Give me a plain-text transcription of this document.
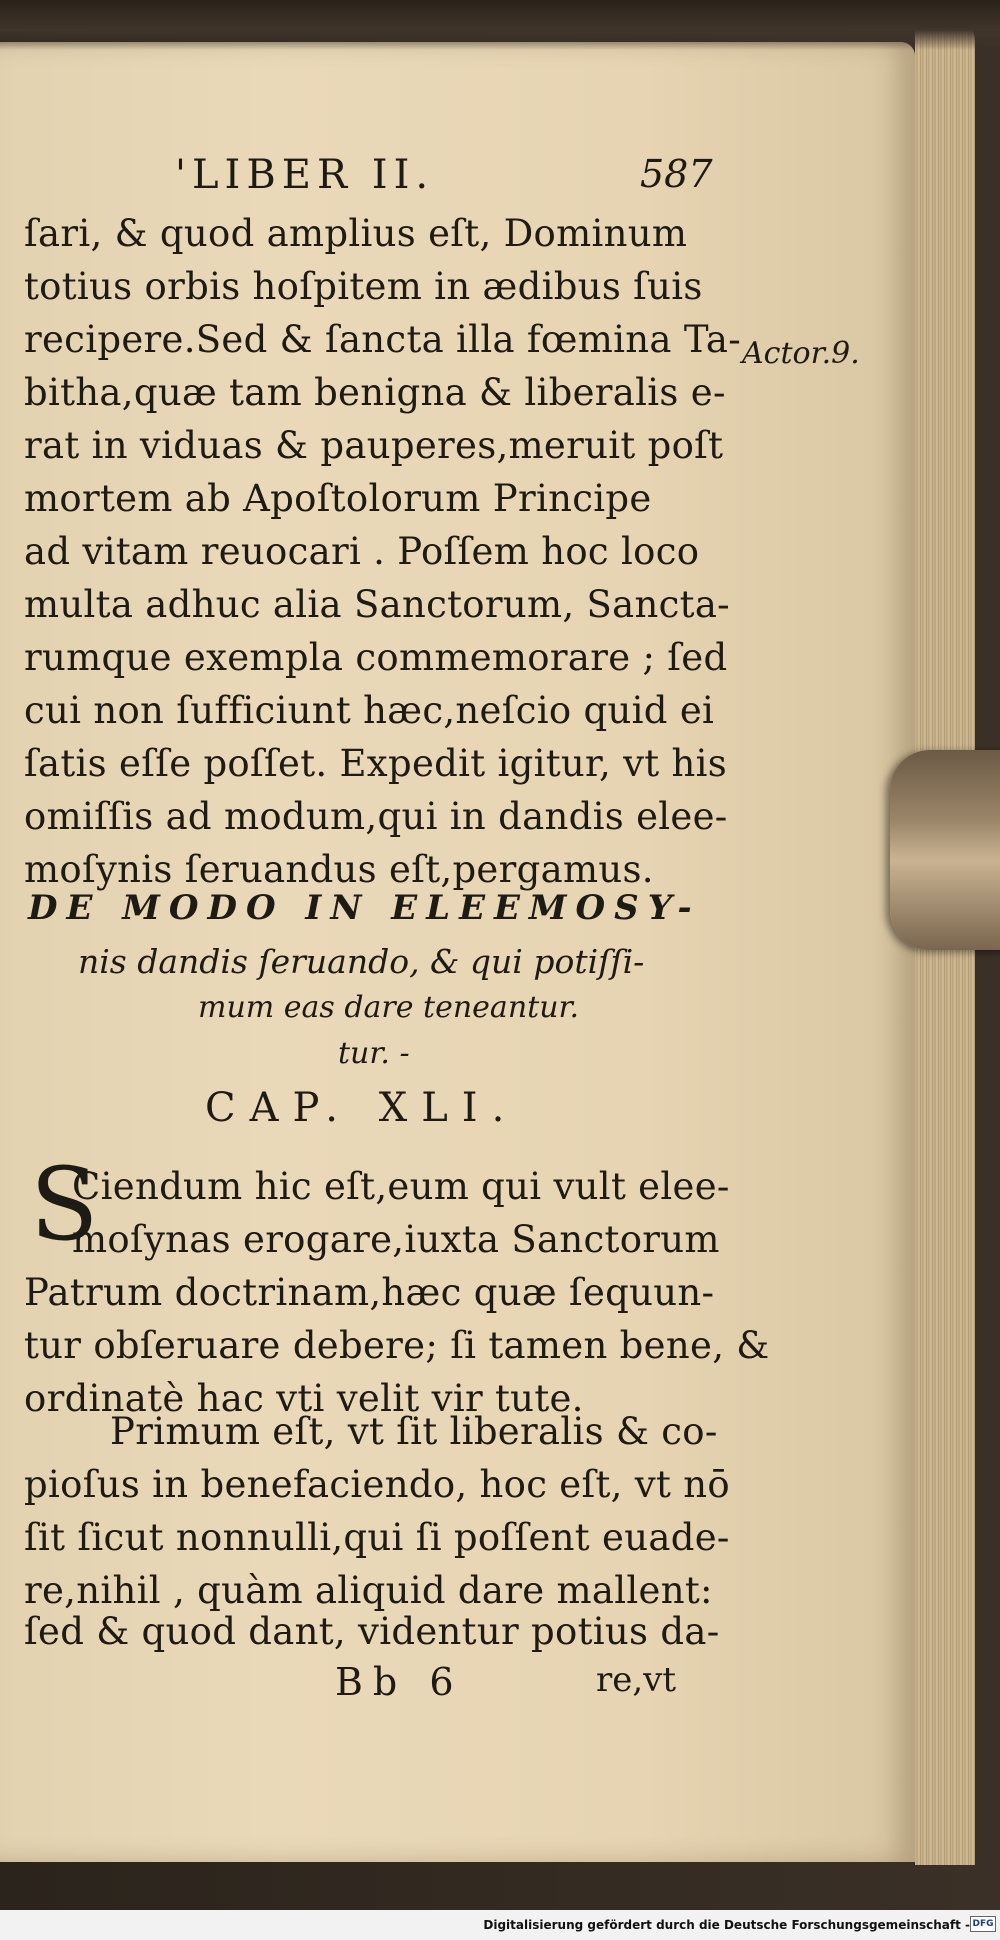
'LIBER II.	587
Actor.9.
ſari, & quod amplius eſt, Dominum
totius orbis hoſpitem in ædibus ſuis
recipere.Sed & ſancta illa fœmina Ta-
bitha,quæ tam benigna & liberalis e-
rat in viduas & pauperes,meruit poſt
mortem ab Apoſtolorum Principe
ad vitam reuocari . Poſſem hoc loco
multa adhuc alia Sanctorum, Sancta-
rumque exempla commemorare ; ſed
cui non ſufficiunt hæc,neſcio quid ei
ſatis eſſe poſſet. Expedit igitur, vt his
omiſſis ad modum,qui in dandis elee-
moſynis ſeruandus eſt,pergamus.
DE MODO IN ELEEMOSY-
nis dandis ſeruando, & qui potiſſi-
mum eas dare teneantur.
tur. -
CAP. XLI.
S
Ciendum hic eſt,eum qui vult elee-
moſynas erogare,iuxta Sanctorum
Patrum doctrinam,hæc quæ ſequun-
tur obſeruare debere; ſi tamen bene, &
ordinatè hac vti velit vir tute.
Primum eſt, vt ſit liberalis & co-
pioſus in benefaciendo, hoc eſt, vt nō
ſit ſicut nonnulli,qui ſi poſſent euade-
re,nihil , quàm aliquid dare mallent:
Bb 6	re,vt
ſed & quod dant, videntur potius da-
Digitalisierung gefördert durch die Deutsche Forschungsgemeinschaft - DFG
